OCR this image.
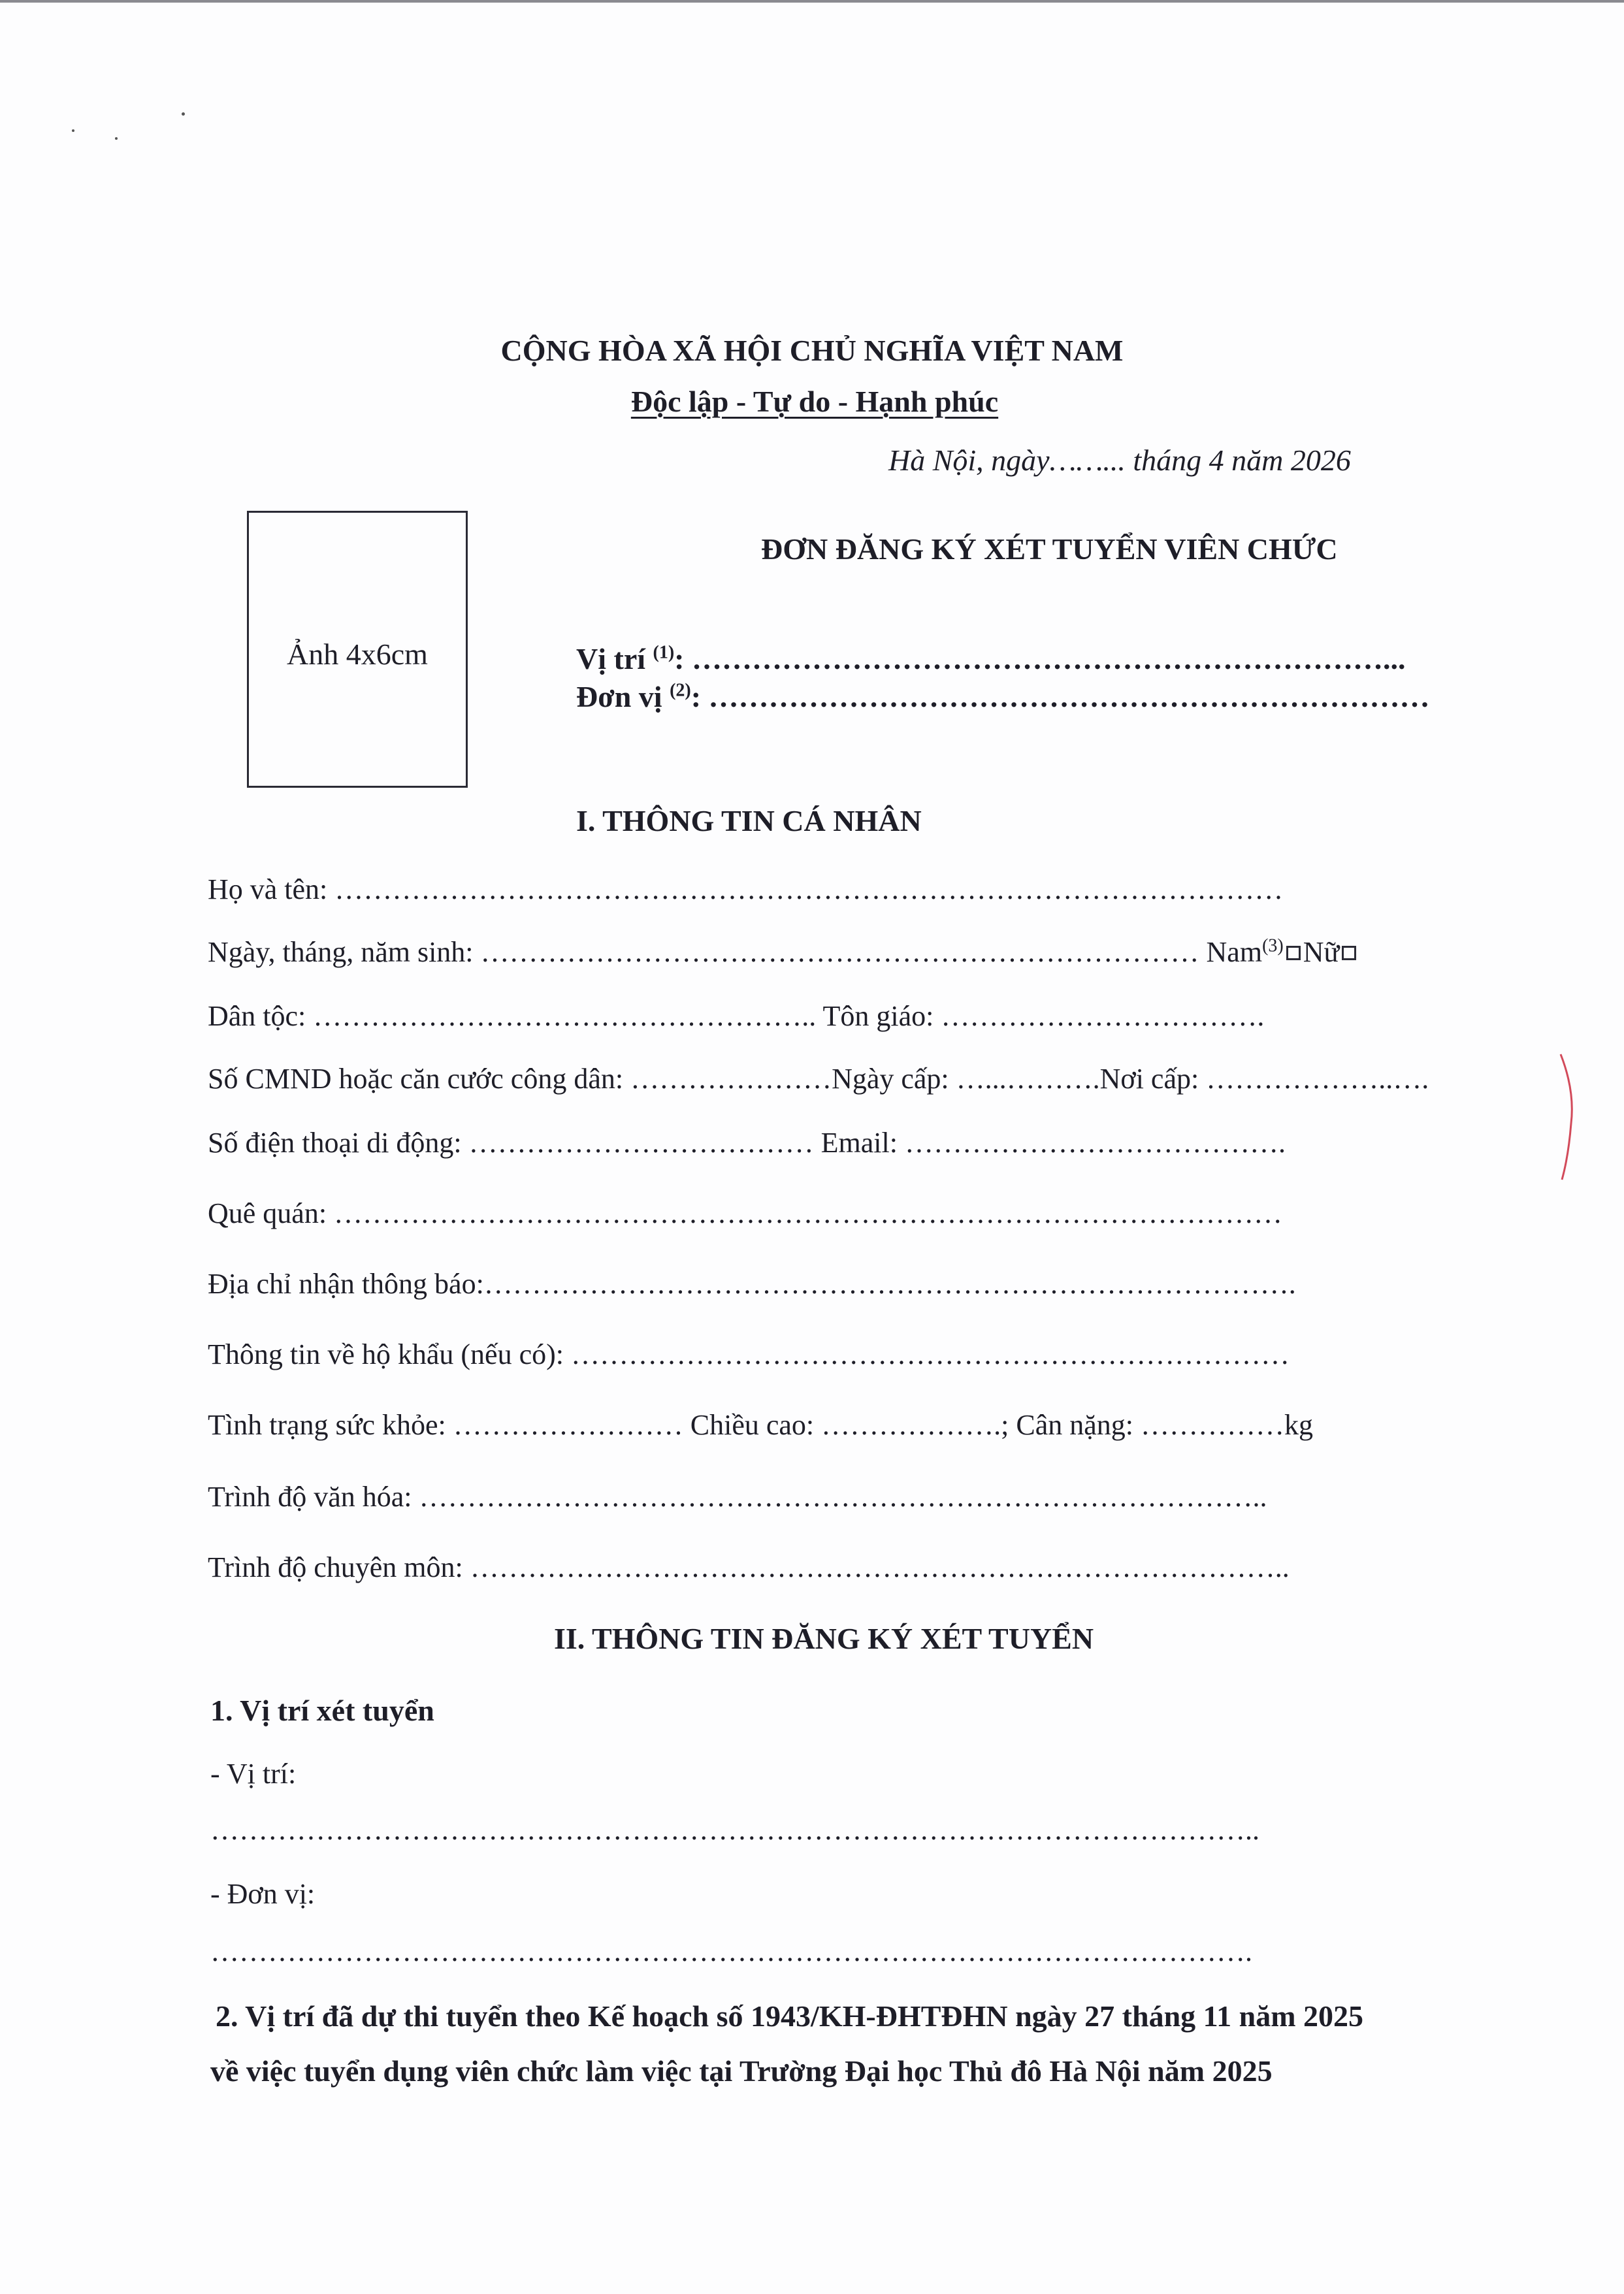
CỘNG HÒA XÃ HỘI CHỦ NGHĨA VIỆT NAM

Độc lập - Tự do - Hạnh phúc

Hà Nội, ngày……... tháng 4 năm 2026
ĐƠN ĐĂNG KÝ XÉT TUYỂN VIÊN CHỨC
Ảnh 4x6cm	Vị trí $^{(1)}$: ……………………………………………………………...
Đơn vị $^{(2)}$: ………………………………………………………………
I. THÔNG TIN CÁ NHÂN
Họ và tên: ………………………………………………………………………………………
Ngày, tháng, năm sinh: ………………………………………………………………… Nam$^{(3)}$ Nữ
Dân tộc: …………………………………………….. Tôn giáo: …………………………….
Số CMND hoặc căn cước công dân: …………………Ngày cấp: …...……….Nơi cấp: ………………..….
Số điện thoại di động: ……………………………… Email: ………………………………….
Quê quán: ………………………………………………………………………………………
Địa chỉ nhận thông báo:………………………………………………………………………….
Thông tin về hộ khẩu (nếu có): …………………………………………………………………
Tình trạng sức khỏe: …………………… Chiều cao: ……………….; Cân nặng: ……………kg
Trình độ văn hóa: ……………………………………………………………………………..
Trình độ chuyên môn: …………………………………………………………………………..
II. THÔNG TIN ĐĂNG KÝ XÉT TUYỂN
1. Vị trí xét tuyển
- Vị trí:
………………………………………………………………………………………………..
- Đơn vị:
……………………………………………………………………………………………….
2. Vị trí đã dự thi tuyển theo Kế hoạch số 1943/KH-ĐHTĐHN ngày 27 tháng 11 năm 2025
về việc tuyển dụng viên chức làm việc tại Trường Đại học Thủ đô Hà Nội năm 2025
